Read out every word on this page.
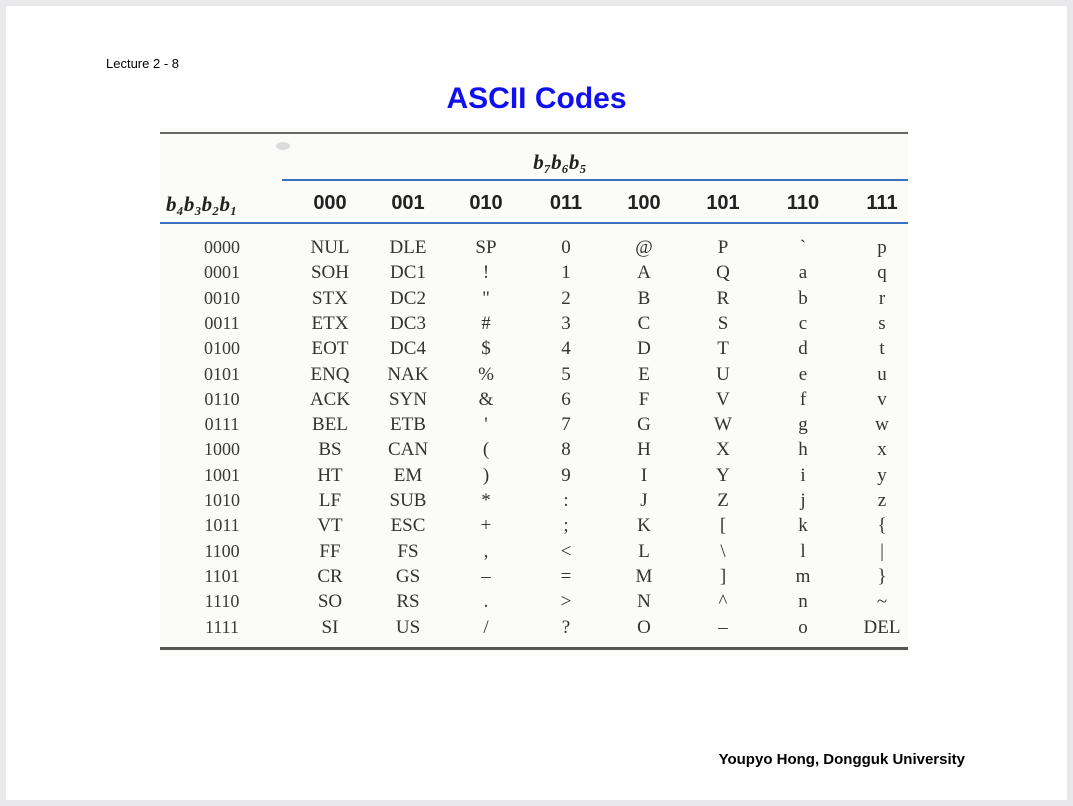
Lecture 2 - 8
ASCII Codes
b₇b₆b₅
b₄b₃b₂b₁	000	001	010	011	100	101	110	111
0000	NUL	DLE	SP	0	@	P	`	p
0001	SOH	DC1	!	1	A	Q	a	q
0010	STX	DC2	"	2	B	R	b	r
0011	ETX	DC3	#	3	C	S	c	s
0100	EOT	DC4	$	4	D	T	d	t
0101	ENQ	NAK	%	5	E	U	e	u
0110	ACK	SYN	&	6	F	V	f	v
0111	BEL	ETB	'	7	G	W	g	w
1000	BS	CAN	(	8	H	X	h	x
1001	HT	EM	)	9	I	Y	i	y
1010	LF	SUB	*	:	J	Z	j	z
1011	VT	ESC	+	;	K	[	k	{
1100	FF	FS	,	<	L	\	l	|
1101	CR	GS	–	=	M	]	m	}
1110	SO	RS	.	>	N	^	n	~
1111	SI	US	/	?	O	–	o	DEL
Youpyo Hong, Dongguk University
